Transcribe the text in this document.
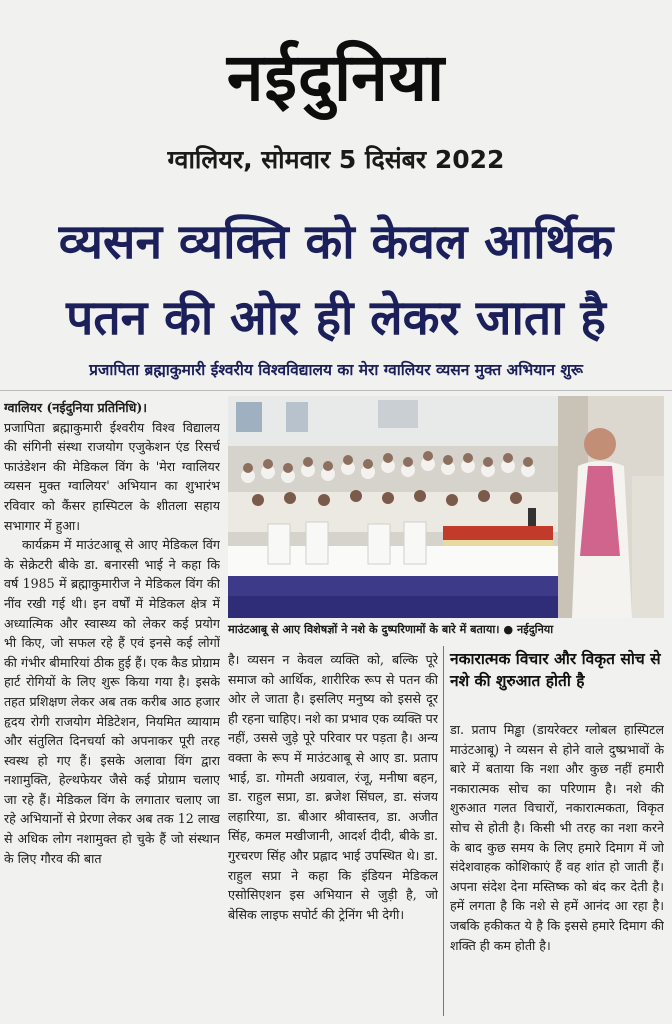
नईदुनिया
ग्वालियर, सोमवार 5 दिसंबर 2022
व्यसन व्यक्ति को केवल आर्थिक
पतन की ओर ही लेकर जाता है
प्रजापिता ब्रह्माकुमारी ईश्वरीय विश्वविद्यालय का मेरा ग्वालियर व्यसन मुक्त अभियान शुरू

ग्वालियर (नईदुनिया प्रतिनिधि)।

प्रजापिता ब्रह्माकुमारी ईश्वरीय विश्व विद्यालय की संगिनी संस्था राजयोग एजुकेशन एंड रिसर्च फाउंडेशन की मेडिकल विंग के 'मेरा ग्वालियर व्यसन मुक्त ग्वालियर' अभियान का शुभारंभ रविवार को कैंसर हास्पिटल के शीतला सहाय सभागार में हुआ।

कार्यक्रम में माउंटआबू से आए मेडिकल विंग के सेक्रेटरी बीके डा. बनारसी भाई ने कहा कि वर्ष 1985 में ब्रह्माकुमारीज ने मेडिकल विंग की नींव रखी गई थी। इन वर्षों में मेडिकल क्षेत्र में अध्यात्मिक और स्वास्थ्य को लेकर कई प्रयोग भी किए, जो सफल रहे हैं एवं इनसे कई लोगों की गंभीर बीमारियां ठीक हुई हैं। एक कैड प्रोग्राम हार्ट रोगियों के लिए शुरू किया गया है। इसके तहत प्रशिक्षण लेकर अब तक करीब आठ हजार हृदय रोगी राजयोग मेडिटेशन, नियमित व्यायाम और संतुलित दिनचर्या को अपनाकर पूरी तरह स्वस्थ हो गए हैं। इसके अलावा विंग द्वारा नशामुक्ति, हेल्थफेयर जैसे कई प्रोग्राम चलाए जा रहे हैं। मेडिकल विंग के लगातार चलाए जा रहे अभियानों से प्रेरणा लेकर अब तक 12 लाख से अधिक लोग नशामुक्त हो चुके हैं जो संस्थान के लिए गौरव की बात

माउंटआबू से आए विशेषज्ञों ने नशे के दुष्परिणामों के बारे में बताया। ● नईदुनिया

है। व्यसन न केवल व्यक्ति को, बल्कि पूरे समाज को आर्थिक, शारीरिक रूप से पतन की ओर ले जाता है। इसलिए मनुष्य को इससे दूर ही रहना चाहिए। नशे का प्रभाव एक व्यक्ति पर नहीं, उससे जुड़े पूरे परिवार पर पड़ता है। अन्य वक्ता के रूप में माउंटआबू से आए डा. प्रताप भाई, डा. गोमती अग्रवाल, रंजू, मनीषा बहन, डा. राहुल सप्रा, डा. ब्रजेश सिंघल, डा. संजय लहारिया, डा. बीआर श्रीवास्तव, डा. अजीत सिंह, कमल मखीजानी, आदर्श दीदी, बीके डा. गुरचरण सिंह और प्रह्लाद भाई उपस्थित थे। डा. राहुल सप्रा ने कहा कि इंडियन मेडिकल एसोसिएशन इस अभियान से जुड़ी है, जो बेसिक लाइफ सपोर्ट की ट्रेनिंग भी देगी।

नकारात्मक विचार और विकृत सोच से नशे की शुरुआत होती है

डा. प्रताप मिड्ढा (डायरेक्टर ग्लोबल हास्पिटल माउंटआबू) ने व्यसन से होने वाले दुष्प्रभावों के बारे में बताया कि नशा और कुछ नहीं हमारी नकारात्मक सोच का परिणाम है। नशे की शुरुआत गलत विचारों, नकारात्मकता, विकृत सोच से होती है। किसी भी तरह का नशा करने के बाद कुछ समय के लिए हमारे दिमाग में जो संदेशवाहक कोशिकाएं हैं वह शांत हो जाती हैं। अपना संदेश देना मस्तिष्क को बंद कर देती है। हमें लगता है कि नशे से हमें आनंद आ रहा है। जबकि हकीकत ये है कि इससे हमारे दिमाग की शक्ति ही कम होती है।
